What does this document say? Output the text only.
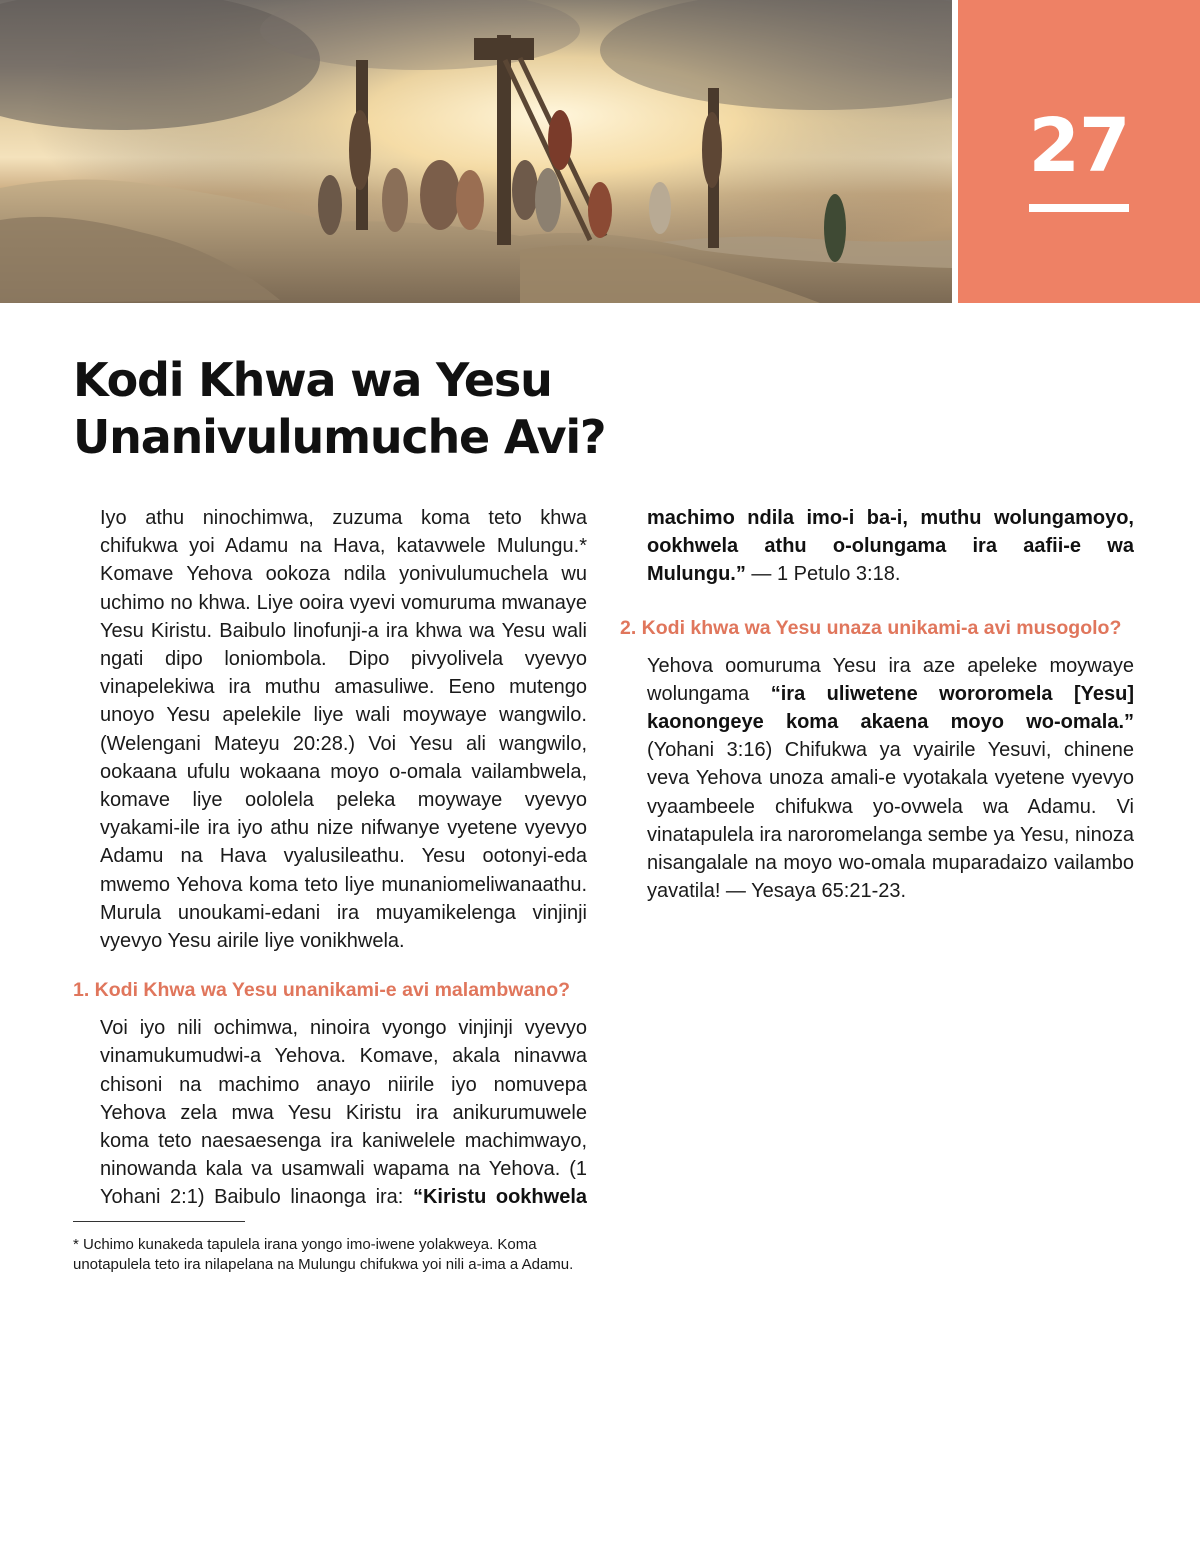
27
Kodi Khwa wa Yesu
Unanivulumuche Avi?

Iyo athu ninochimwa, zuzuma koma teto khwa chifukwa yoi Adamu na Hava, katavwele Mulungu.* Komave Yehova ookoza ndila yonivulumuchela wu uchimo no khwa. Liye ooira vyevi vomuruma mwanaye Yesu Kiristu. Baibulo linofunji-a ira khwa wa Yesu wali ngati dipo loniombola. Dipo pivyolivela vyevyo vinapelekiwa ira muthu amasuliwe. Eeno mutengo unoyo Yesu apelekile liye wali moywaye wangwilo. (Welengani Mateyu 20:28.) Voi Yesu ali wangwilo, ookaana ufulu wokaana moyo o-omala vailambwela, komave liye oololela peleka moywaye vyevyo vyakami-ile ira iyo athu nize nifwanye vyetene vyevyo Adamu na Hava vyalusileathu. Yesu ootonyi-eda mwemo Yehova koma teto liye munaniomeliwanaathu. Murula unoukami-edani ira muyamikelenga vinjinji vyevyo Yesu airile liye vonikhwela.

1. Kodi Khwa wa Yesu unanikami-e avi malambwano?

Voi iyo nili ochimwa, ninoira vyongo vinjinji vyevyo vinamukumudwi-a Yehova. Komave, akala ninavwa chisoni na machimo anayo niirile iyo nomuvepa Yehova zela mwa Yesu Kiristu ira anikurumuwele koma teto naesaesenga ira kaniwelele machimwayo, ninowanda kala va usamwali wapama na Yehova. (1 Yohani 2:1) Baibulo linaonga ira: “Kiristu ookhwela

machimo ndila imo-i ba-i, muthu wolungamoyo, ookhwela athu o-olungama ira aafii-e wa Mulungu.” — 1 Petulo 3:18.

2. Kodi khwa wa Yesu unaza unikami-a avi musogolo?

Yehova oomuruma Yesu ira aze apeleke moywaye wolungama “ira uliwetene wororomela [Yesu] kaonongeye koma akaena moyo wo-omala.” (Yohani 3:16) Chifukwa ya vyairile Yesuvi, chinene veva Yehova unoza amali-e vyotakala vyetene vyevyo vyaambeele chifukwa yo-ovwela wa Adamu. Vi vinatapulela ira naroromelanga sembe ya Yesu, ninoza nisangalale na moyo wo-omala muparadaizo vailambo yavatila! — Yesaya 65:21-23.

* Uchimo kunakeda tapulela irana yongo imo-iwene yolakweya. Koma unotapulela teto ira nilapelana na Mulungu chifukwa yoi nili a-ima a Adamu.
